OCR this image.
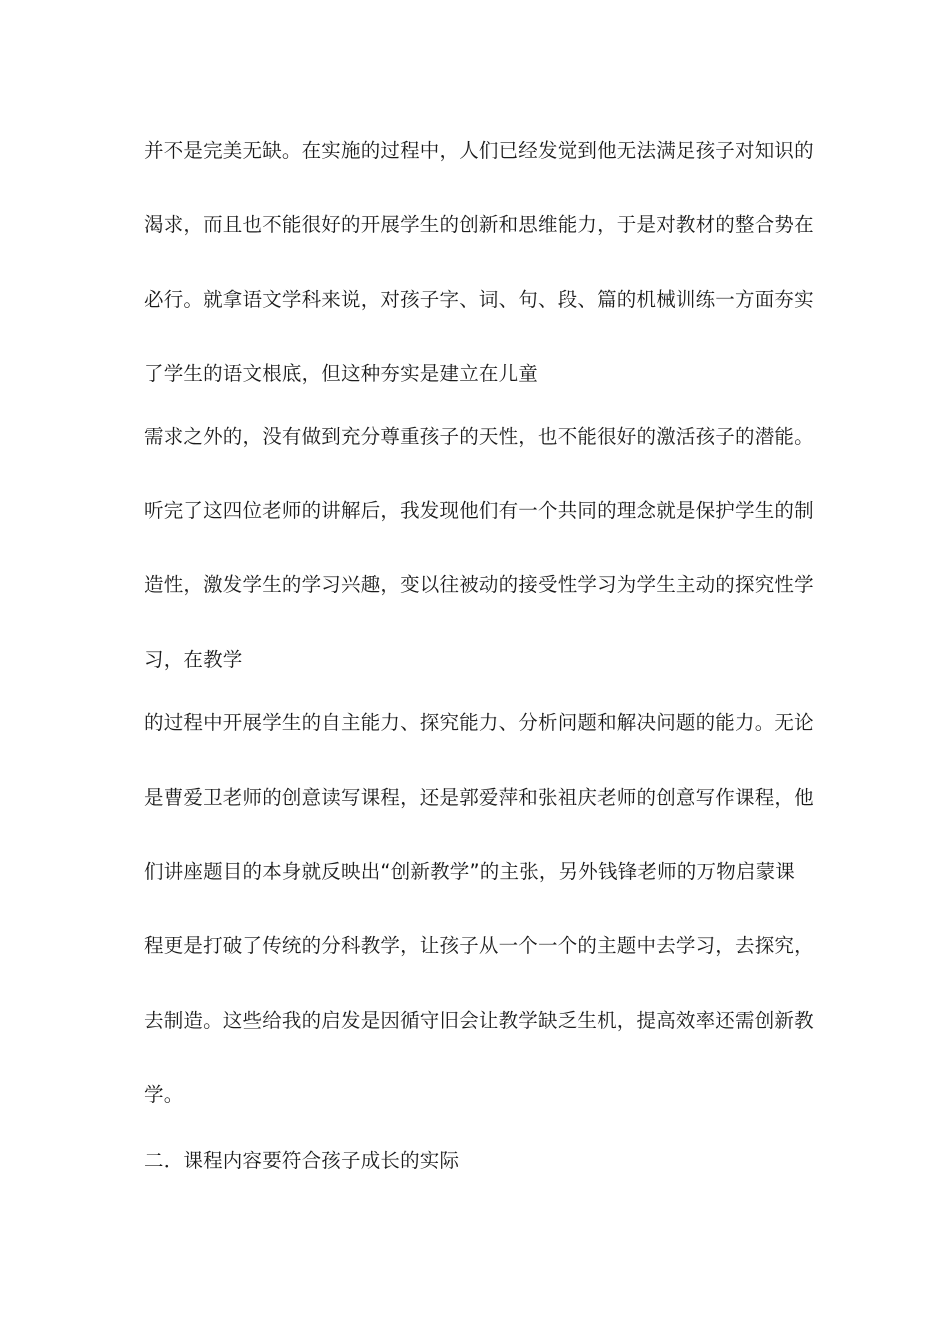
并不是完美无缺。在实施的过程中，人们已经发觉到他无法满足孩子对知识的
渴求，而且也不能很好的开展学生的创新和思维能力，于是对教材的整合势在
必行。就拿语文学科来说，对孩子字、词、句、段、篇的机械训练一方面夯实
了学生的语文根底，但这种夯实是建立在儿童
需求之外的，没有做到充分尊重孩子的天性，也不能很好的激活孩子的潜能。
听完了这四位老师的讲解后，我发现他们有一个共同的理念就是保护学生的制
造性，激发学生的学习兴趣，变以往被动的接受性学习为学生主动的探究性学
习，在教学
的过程中开展学生的自主能力、探究能力、分析问题和解决问题的能力。无论
是曹爱卫老师的创意读写课程，还是郭爱萍和张祖庆老师的创意写作课程，他
们讲座题目的本身就反映出“创新教学”的主张，另外钱锋老师的万物启蒙课
程更是打破了传统的分科教学，让孩子从一个一个的主题中去学习，去探究，
去制造。这些给我的启发是因循守旧会让教学缺乏生机，提高效率还需创新教
学。
二．课程内容要符合孩子成长的实际
